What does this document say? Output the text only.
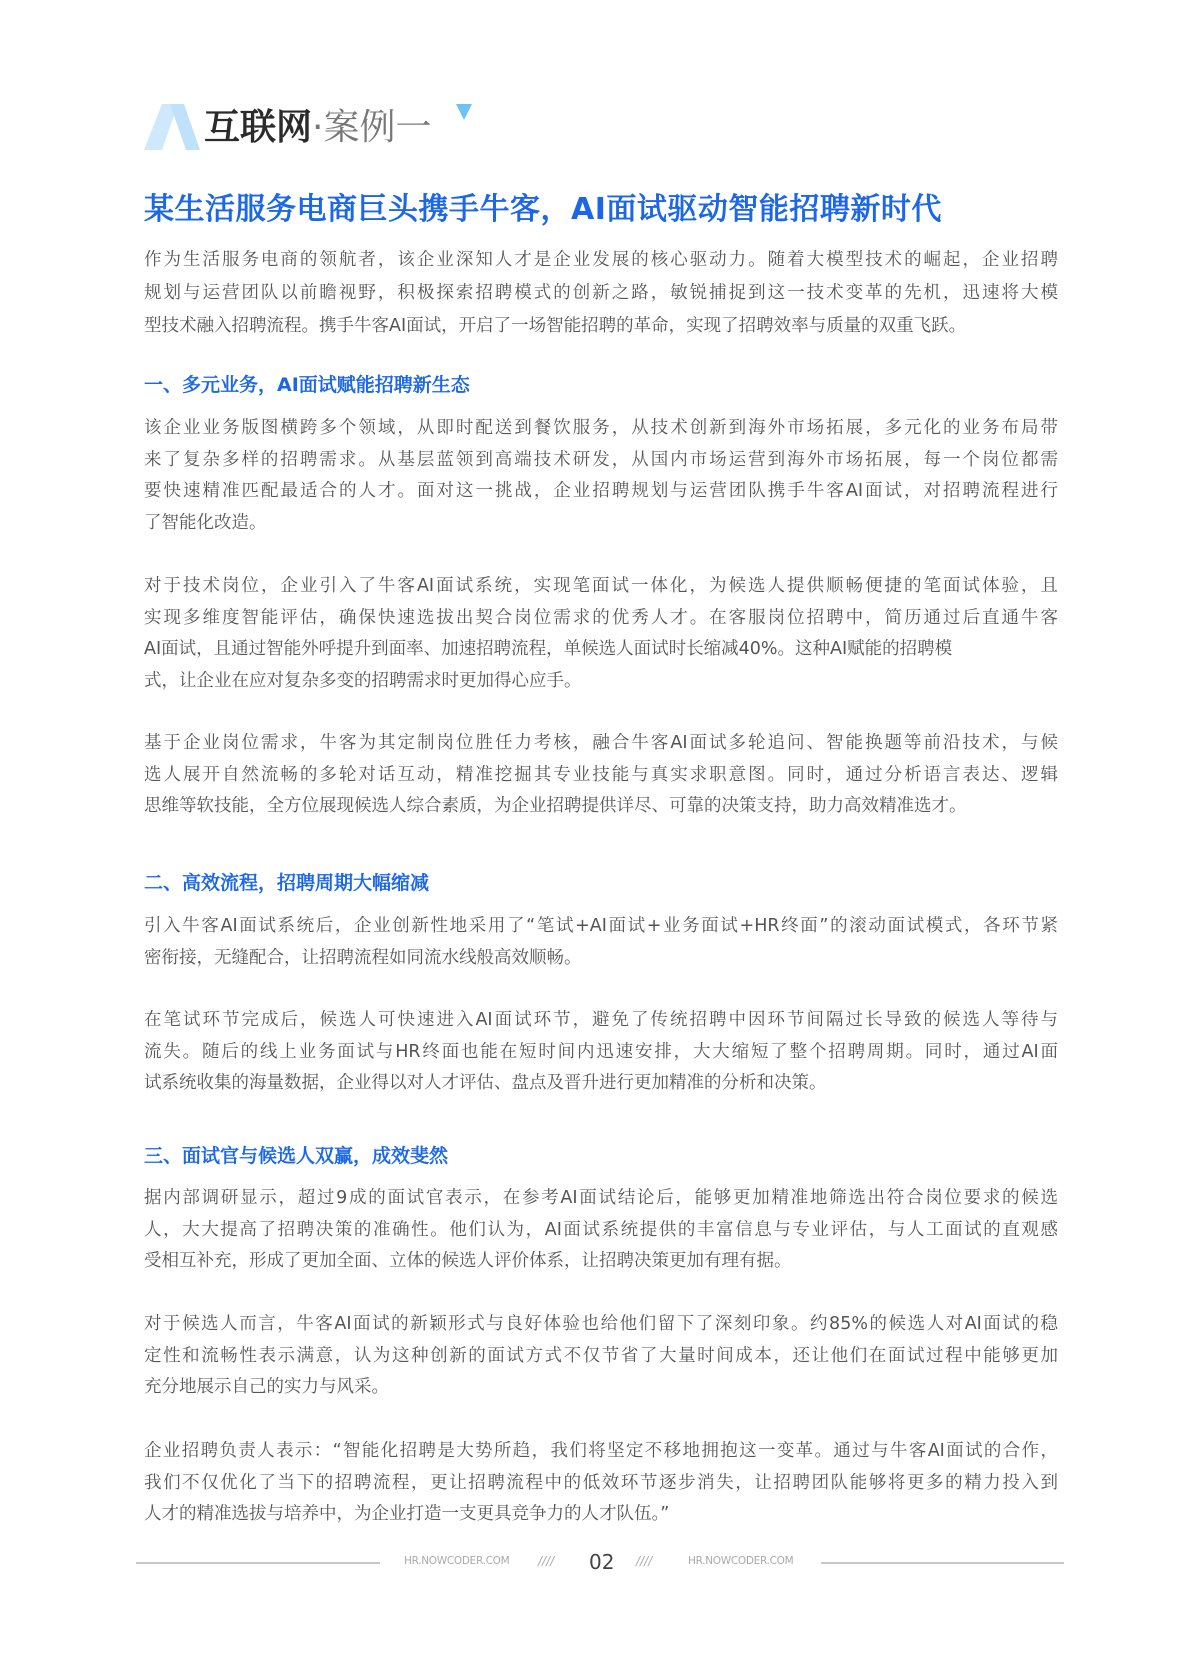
互联网·案例一
某生活服务电商巨头携手牛客，AI面试驱动智能招聘新时代
作为生活服务电商的领航者，该企业深知人才是企业发展的核心驱动力。随着大模型技术的崛起，企业招聘
规划与运营团队以前瞻视野，积极探索招聘模式的创新之路，敏锐捕捉到这一技术变革的先机，迅速将大模
型技术融入招聘流程。携手牛客AI面试，开启了一场智能招聘的革命，实现了招聘效率与质量的双重飞跃。
一、多元业务，AI面试赋能招聘新生态
该企业业务版图横跨多个领域，从即时配送到餐饮服务，从技术创新到海外市场拓展，多元化的业务布局带
来了复杂多样的招聘需求。从基层蓝领到高端技术研发，从国内市场运营到海外市场拓展，每一个岗位都需
要快速精准匹配最适合的人才。面对这一挑战，企业招聘规划与运营团队携手牛客AI面试，对招聘流程进行
了智能化改造。
对于技术岗位，企业引入了牛客AI面试系统，实现笔面试一体化，为候选人提供顺畅便捷的笔面试体验，且
实现多维度智能评估，确保快速选拔出契合岗位需求的优秀人才。在客服岗位招聘中，简历通过后直通牛客
AI面试，且通过智能外呼提升到面率、加速招聘流程，单候选人面试时长缩减40%。这种AI赋能的招聘模
式，让企业在应对复杂多变的招聘需求时更加得心应手。
基于企业岗位需求，牛客为其定制岗位胜任力考核，融合牛客AI面试多轮追问、智能换题等前沿技术，与候
选人展开自然流畅的多轮对话互动，精准挖掘其专业技能与真实求职意图。同时，通过分析语言表达、逻辑
思维等软技能，全方位展现候选人综合素质，为企业招聘提供详尽、可靠的决策支持，助力高效精准选才。
二、高效流程，招聘周期大幅缩减
引入牛客AI面试系统后，企业创新性地采用了“笔试+AI面试+业务面试+HR终面”的滚动面试模式，各环节紧
密衔接，无缝配合，让招聘流程如同流水线般高效顺畅。
在笔试环节完成后，候选人可快速进入AI面试环节，避免了传统招聘中因环节间隔过长导致的候选人等待与
流失。随后的线上业务面试与HR终面也能在短时间内迅速安排，大大缩短了整个招聘周期。同时，通过AI面
试系统收集的海量数据，企业得以对人才评估、盘点及晋升进行更加精准的分析和决策。
三、面试官与候选人双赢，成效斐然
据内部调研显示，超过9成的面试官表示，在参考AI面试结论后，能够更加精准地筛选出符合岗位要求的候选
人，大大提高了招聘决策的准确性。他们认为，AI面试系统提供的丰富信息与专业评估，与人工面试的直观感
受相互补充，形成了更加全面、立体的候选人评价体系，让招聘决策更加有理有据。
对于候选人而言，牛客AI面试的新颖形式与良好体验也给他们留下了深刻印象。约85%的候选人对AI面试的稳
定性和流畅性表示满意，认为这种创新的面试方式不仅节省了大量时间成本，还让他们在面试过程中能够更加
充分地展示自己的实力与风采。
企业招聘负责人表示：“智能化招聘是大势所趋，我们将坚定不移地拥抱这一变革。通过与牛客AI面试的合作，
我们不仅优化了当下的招聘流程，更让招聘流程中的低效环节逐步消失，让招聘团队能够将更多的精力投入到
人才的精准选拔与培养中，为企业打造一支更具竞争力的人才队伍。”
HR.NOWCODER.COM //// 02 ////	HR.NOWCODER.COM
